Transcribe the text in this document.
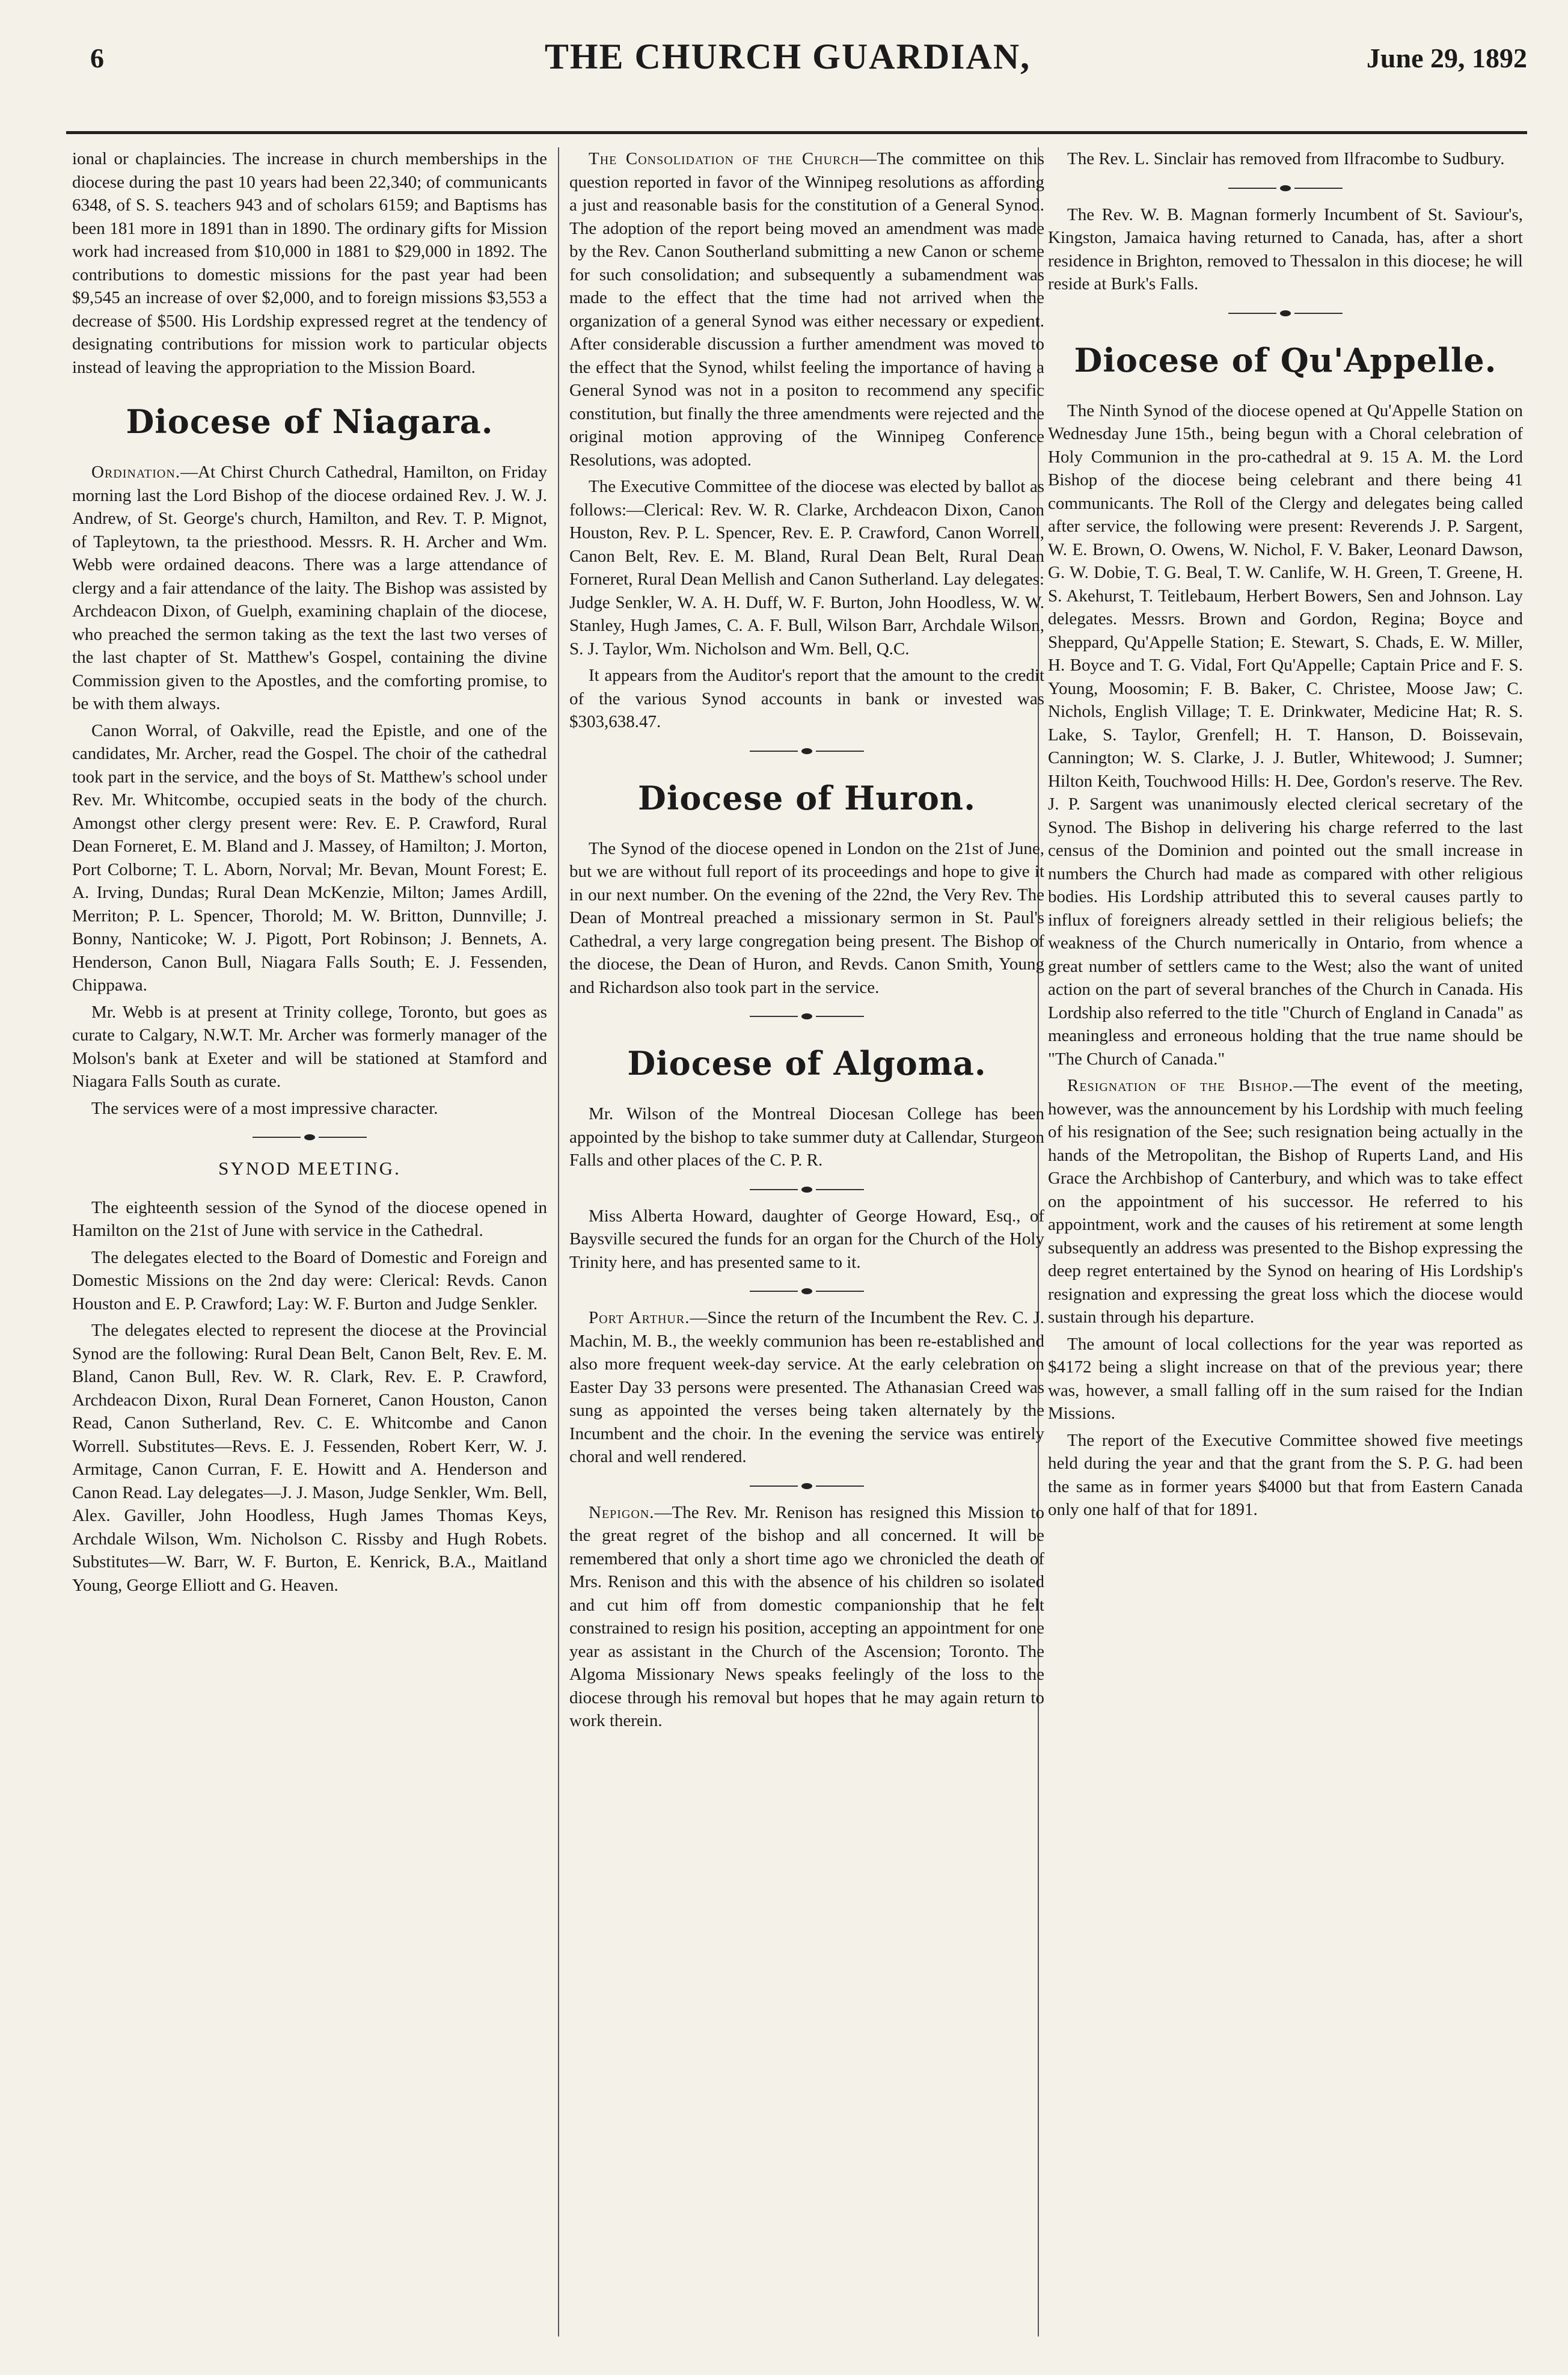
6	THE CHURCH GUARDIAN,	June 29, 1892

ional or chaplaincies. The increase in church memberships in the diocese during the past 10 years had been 22,340; of communicants 6348, of S. S. teachers 943 and of scholars 6159; and Baptisms has been 181 more in 1891 than in 1890. The ordinary gifts for Mission work had increased from $10,000 in 1881 to $29,000 in 1892. The contributions to domestic missions for the past year had been $9,545 an increase of over $2,000, and to foreign missions $3,553 a decrease of $500. His Lordship expressed regret at the tendency of designating contributions for mission work to particular objects instead of leaving the appropriation to the Mission Board.

Diocese of Niagara.

Ordination.—At Chirst Church Cathedral, Hamilton, on Friday morning last the Lord Bishop of the diocese ordained Rev. J. W. J. Andrew, of St. George's church, Hamilton, and Rev. T. P. Mignot, of Tapleytown, ta the priesthood. Messrs. R. H. Archer and Wm. Webb were ordained deacons. There was a large attendance of clergy and a fair attendance of the laity. The Bishop was assisted by Archdeacon Dixon, of Guelph, examining chaplain of the diocese, who preached the sermon taking as the text the last two verses of the last chapter of St. Matthew's Gospel, containing the divine Commission given to the Apostles, and the comforting promise, to be with them always.

Canon Worral, of Oakville, read the Epistle, and one of the candidates, Mr. Archer, read the Gospel. The choir of the cathedral took part in the service, and the boys of St. Matthew's school under Rev. Mr. Whitcombe, occupied seats in the body of the church. Amongst other clergy present were: Rev. E. P. Crawford, Rural Dean Forneret, E. M. Bland and J. Massey, of Hamilton; J. Morton, Port Colborne; T. L. Aborn, Norval; Mr. Bevan, Mount Forest; E. A. Irving, Dundas; Rural Dean McKenzie, Milton; James Ardill, Merriton; P. L. Spencer, Thorold; M. W. Britton, Dunnville; J. Bonny, Nanticoke; W. J. Pigott, Port Robinson; J. Bennets, A. Henderson, Canon Bull, Niagara Falls South; E. J. Fessenden, Chippawa.

Mr. Webb is at present at Trinity college, Toronto, but goes as curate to Calgary, N.W.T. Mr. Archer was formerly manager of the Molson's bank at Exeter and will be stationed at Stamford and Niagara Falls South as curate.

The services were of a most impressive character.

SYNOD MEETING.

The eighteenth session of the Synod of the diocese opened in Hamilton on the 21st of June with service in the Cathedral.

The delegates elected to the Board of Domestic and Foreign and Domestic Missions on the 2nd day were: Clerical: Revds. Canon Houston and E. P. Crawford; Lay: W. F. Burton and Judge Senkler.

The delegates elected to represent the diocese at the Provincial Synod are the following: Rural Dean Belt, Canon Belt, Rev. E. M. Bland, Canon Bull, Rev. W. R. Clark, Rev. E. P. Crawford, Archdeacon Dixon, Rural Dean Forneret, Canon Houston, Canon Read, Canon Sutherland, Rev. C. E. Whitcombe and Canon Worrell. Substitutes—Revs. E. J. Fessenden, Robert Kerr, W. J. Armitage, Canon Curran, F. E. Howitt and A. Henderson and Canon Read. Lay delegates—J. J. Mason, Judge Senkler, Wm. Bell, Alex. Gaviller, John Hoodless, Hugh James Thomas Keys, Archdale Wilson, Wm. Nicholson C. Rissby and Hugh Robets. Substitutes—W. Barr, W. F. Burton, E. Kenrick, B.A., Maitland Young, George Elliott and G. Heaven.

The Consolidation of the Church—The committee on this question reported in favor of the Winnipeg resolutions as affording a just and reasonable basis for the constitution of a General Synod. The adoption of the report being moved an amendment was made by the Rev. Canon Southerland submitting a new Canon or scheme for such consolidation; and subsequently a subamendment was made to the effect that the time had not arrived when the organization of a general Synod was either necessary or expedient. After considerable discussion a further amendment was moved to the effect that the Synod, whilst feeling the importance of having a General Synod was not in a positon to recommend any specific constitution, but finally the three amendments were rejected and the original motion approving of the Winnipeg Conference Resolutions, was adopted.

The Executive Committee of the diocese was elected by ballot as follows:—Clerical: Rev. W. R. Clarke, Archdeacon Dixon, Canon Houston, Rev. P. L. Spencer, Rev. E. P. Crawford, Canon Worrell, Canon Belt, Rev. E. M. Bland, Rural Dean Belt, Rural Dean Forneret, Rural Dean Mellish and Canon Sutherland. Lay delegates: Judge Senkler, W. A. H. Duff, W. F. Burton, John Hoodless, W. W. Stanley, Hugh James, C. A. F. Bull, Wilson Barr, Archdale Wilson, S. J. Taylor, Wm. Nicholson and Wm. Bell, Q.C.

It appears from the Auditor's report that the amount to the credit of the various Synod accounts in bank or invested was $303,638.47.

Diocese of Huron.

The Synod of the diocese opened in London on the 21st of June, but we are without full report of its proceedings and hope to give it in our next number. On the evening of the 22nd, the Very Rev. The Dean of Montreal preached a missionary sermon in St. Paul's Cathedral, a very large congregation being present. The Bishop of the diocese, the Dean of Huron, and Revds. Canon Smith, Young and Richardson also took part in the service.

Diocese of Algoma.

Mr. Wilson of the Montreal Diocesan College has been appointed by the bishop to take summer duty at Callendar, Sturgeon Falls and other places of the C. P. R.

Miss Alberta Howard, daughter of George Howard, Esq., of Baysville secured the funds for an organ for the Church of the Holy Trinity here, and has presented same to it.

Port Arthur.—Since the return of the Incumbent the Rev. C. J. Machin, M. B., the weekly communion has been re-established and also more frequent week-day service. At the early celebration on Easter Day 33 persons were presented. The Athanasian Creed was sung as appointed the verses being taken alternately by the Incumbent and the choir. In the evening the service was entirely choral and well rendered.

Nepigon.—The Rev. Mr. Renison has resigned this Mission to the great regret of the bishop and all concerned. It will be remembered that only a short time ago we chronicled the death of Mrs. Renison and this with the absence of his children so isolated and cut him off from domestic companionship that he felt constrained to resign his position, accepting an appointment for one year as assistant in the Church of the Ascension; Toronto. The Algoma Missionary News speaks feelingly of the loss to the diocese through his removal but hopes that he may again return to work therein.

The Rev. L. Sinclair has removed from Ilfracombe to Sudbury.

The Rev. W. B. Magnan formerly Incumbent of St. Saviour's, Kingston, Jamaica having returned to Canada, has, after a short residence in Brighton, removed to Thessalon in this diocese; he will reside at Burk's Falls.

Diocese of Qu'Appelle.

The Ninth Synod of the diocese opened at Qu'Appelle Station on Wednesday June 15th., being begun with a Choral celebration of Holy Communion in the pro-cathedral at 9. 15 A. M. the Lord Bishop of the diocese being celebrant and there being 41 communicants. The Roll of the Clergy and delegates being called after service, the following were present: Reverends J. P. Sargent, W. E. Brown, O. Owens, W. Nichol, F. V. Baker, Leonard Dawson, G. W. Dobie, T. G. Beal, T. W. Canlife, W. H. Green, T. Greene, H. S. Akehurst, T. Teitlebaum, Herbert Bowers, Sen and Johnson. Lay delegates. Messrs. Brown and Gordon, Regina; Boyce and Sheppard, Qu'Appelle Station; E. Stewart, S. Chads, E. W. Miller, H. Boyce and T. G. Vidal, Fort Qu'Appelle; Captain Price and F. S. Young, Moosomin; F. B. Baker, C. Christee, Moose Jaw; C. Nichols, English Village; T. E. Drinkwater, Medicine Hat; R. S. Lake, S. Taylor, Grenfell; H. T. Hanson, D. Boissevain, Cannington; W. S. Clarke, J. J. Butler, Whitewood; J. Sumner; Hilton Keith, Touchwood Hills: H. Dee, Gordon's reserve. The Rev. J. P. Sargent was unanimously elected clerical secretary of the Synod. The Bishop in delivering his charge referred to the last census of the Dominion and pointed out the small increase in numbers the Church had made as compared with other religious bodies. His Lordship attributed this to several causes partly to influx of foreigners already settled in their religious beliefs; the weakness of the Church numerically in Ontario, from whence a great number of settlers came to the West; also the want of united action on the part of several branches of the Church in Canada. His Lordship also referred to the title "Church of England in Canada" as meaningless and erroneous holding that the true name should be "The Church of Canada."

Resignation of the Bishop.—The event of the meeting, however, was the announcement by his Lordship with much feeling of his resignation of the See; such resignation being actually in the hands of the Metropolitan, the Bishop of Ruperts Land, and His Grace the Archbishop of Canterbury, and which was to take effect on the appointment of his successor. He referred to his appointment, work and the causes of his retirement at some length subsequently an address was presented to the Bishop expressing the deep regret entertained by the Synod on hearing of His Lordship's resignation and expressing the great loss which the diocese would sustain through his departure.

The amount of local collections for the year was reported as $4172 being a slight increase on that of the previous year; there was, however, a small falling off in the sum raised for the Indian Missions.

The report of the Executive Committee showed five meetings held during the year and that the grant from the S. P. G. had been the same as in former years $4000 but that from Eastern Canada only one half of that for 1891.
